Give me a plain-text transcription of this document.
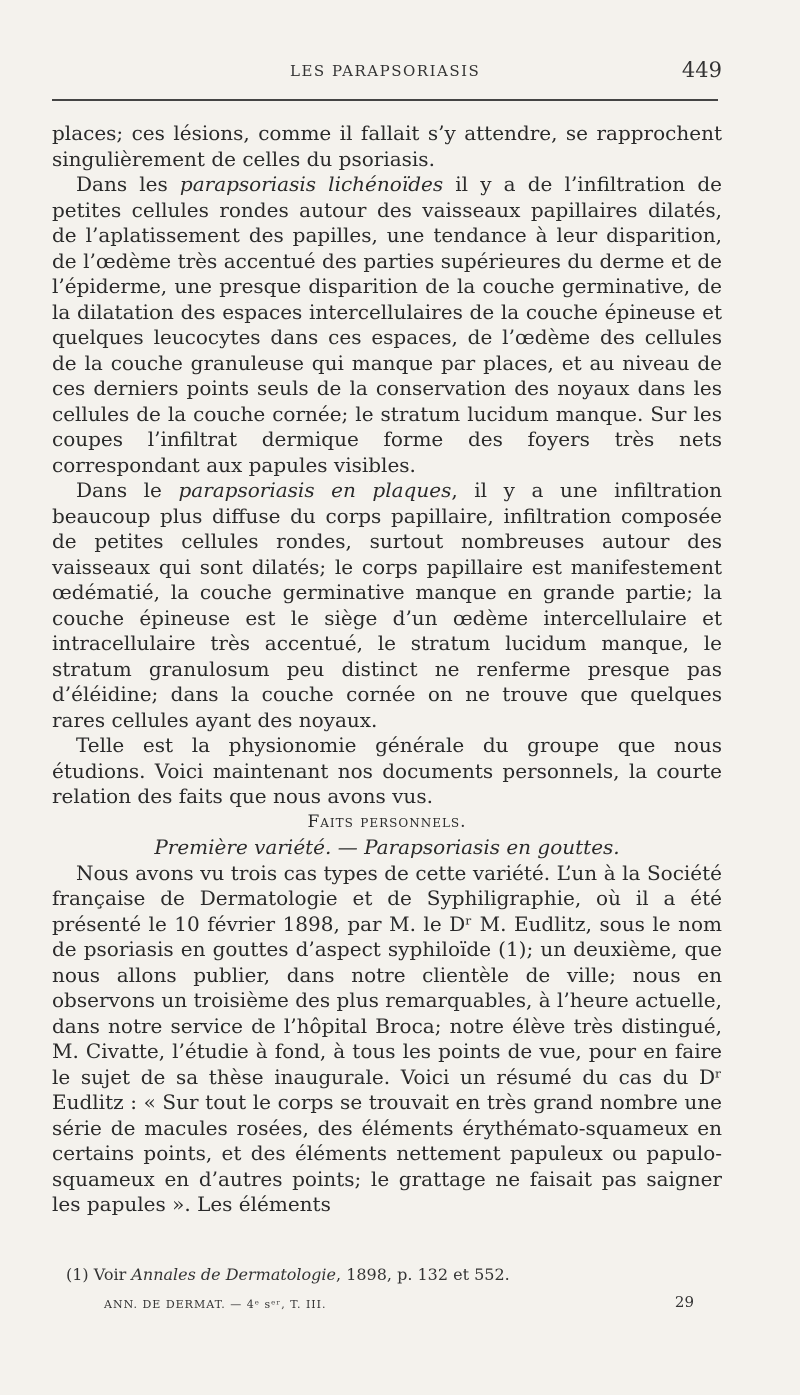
LES PARAPSORIASIS	449

places; ces lésions, comme il fallait s’y attendre, se rapprochent singulièrement de celles du psoriasis.

Dans les parapsoriasis lichénoïdes il y a de l’infiltration de petites cellules rondes autour des vaisseaux papillaires dilatés, de l’aplatissement des papilles, une tendance à leur disparition, de l’œdème très accentué des parties supérieures du derme et de l’épiderme, une presque disparition de la couche germinative, de la dilatation des espaces intercellulaires de la couche épineuse et quelques leucocytes dans ces espaces, de l’œdème des cellules de la couche granuleuse qui manque par places, et au niveau de ces derniers points seuls de la conservation des noyaux dans les cellules de la couche cornée; le stratum lucidum manque. Sur les coupes l’infiltrat dermique forme des foyers très nets correspondant aux papules visibles.

Dans le parapsoriasis en plaques, il y a une infiltration beaucoup plus diffuse du corps papillaire, infiltration composée de petites cellules rondes, surtout nombreuses autour des vaisseaux qui sont dilatés; le corps papillaire est manifestement œdématié, la couche germinative manque en grande partie; la couche épineuse est le siège d’un œdème intercellulaire et intracellulaire très accentué, le stratum lucidum manque, le stratum granulosum peu distinct ne renferme presque pas d’éléidine; dans la couche cornée on ne trouve que quelques rares cellules ayant des noyaux.

Telle est la physionomie générale du groupe que nous étudions. Voici maintenant nos documents personnels, la courte relation des faits que nous avons vus.

Faits personnels.

Première variété. — Parapsoriasis en gouttes.

Nous avons vu trois cas types de cette variété. L’un à la Société française de Dermatologie et de Syphiligraphie, où il a été présenté le 10 février 1898, par M. le Dʳ M. Eudlitz, sous le nom de psoriasis en gouttes d’aspect syphiloïde (1); un deuxième, que nous allons publier, dans notre clientèle de ville; nous en observons un troisième des plus remarquables, à l’heure actuelle, dans notre service de l’hôpital Broca; notre élève très distingué, M. Civatte, l’étudie à fond, à tous les points de vue, pour en faire le sujet de sa thèse inaugurale. Voici un résumé du cas du Dʳ Eudlitz : « Sur tout le corps se trouvait en très grand nombre une série de macules rosées, des éléments érythémato-squameux en certains points, et des éléments nettement papuleux ou papulo-squameux en d’autres points; le grattage ne faisait pas saigner les papules ». Les éléments

(1) Voir Annales de Dermatologie, 1898, p. 132 et 552.
ANN. DE DERMAT. — 4ᵉ sᵉʳ, T. III.	29
